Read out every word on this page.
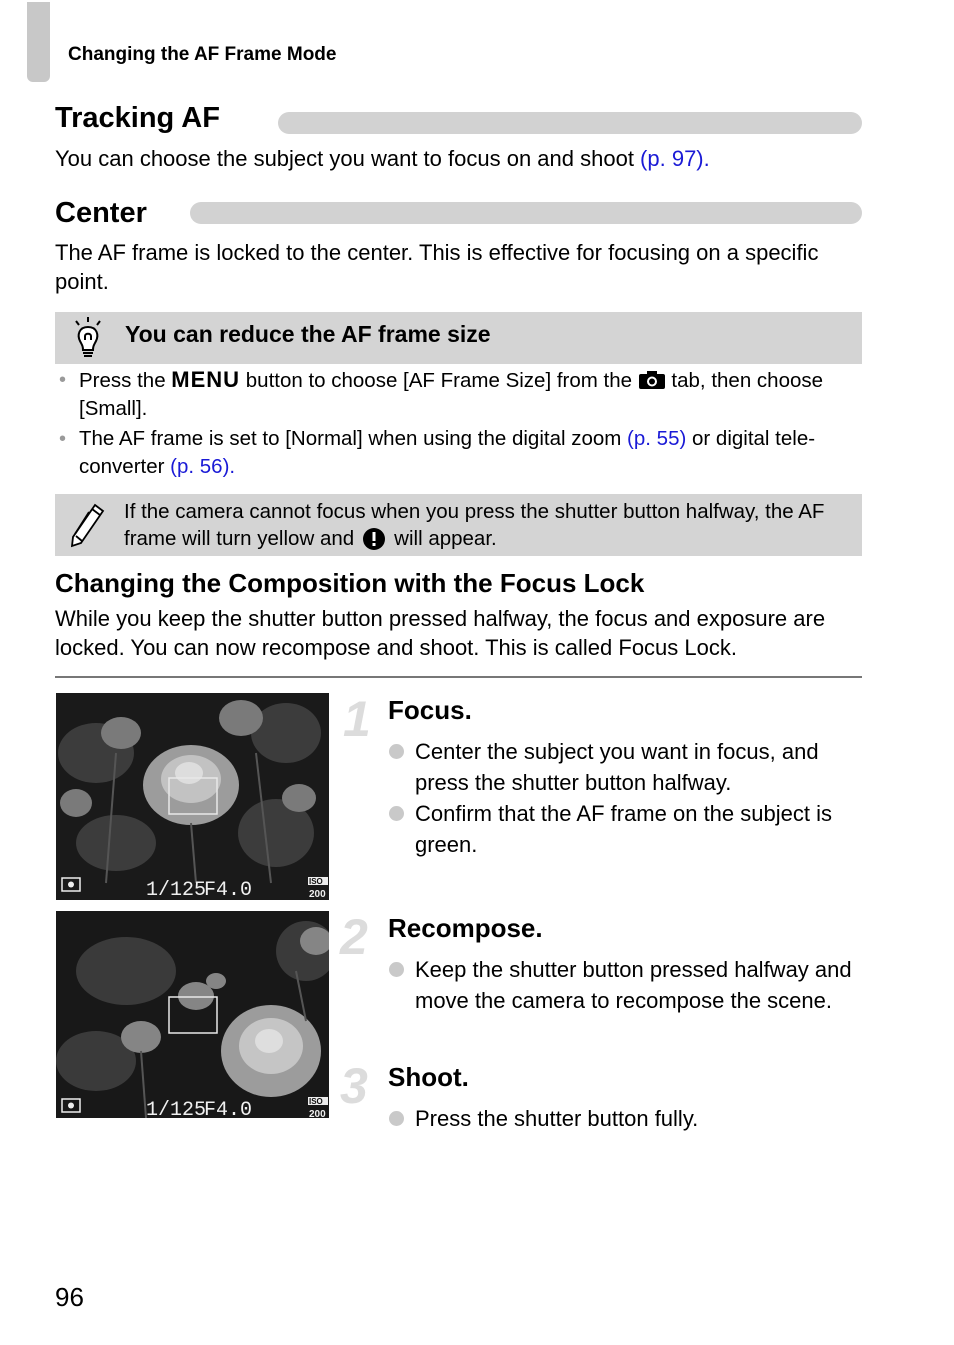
Changing the AF Frame Mode
Tracking AF
You can choose the subject you want to focus on and shoot (p. 97).
Center
The AF frame is locked to the center. This is effective for focusing on a specific point.
You can reduce the AF frame size
• Press the MENU button to choose [AF Frame Size] from the  tab, then choose [Small].
• The AF frame is set to [Normal] when using the digital zoom (p. 55) or digital tele-converter (p. 56).
If the camera cannot focus when you press the shutter button halfway, the AF frame will turn yellow and will appear.
Changing the Composition with the Focus Lock
While you keep the shutter button pressed halfway, the focus and exposure are locked. You can now recompose and shoot. This is called Focus Lock.
1/125
F4.0	ISO
200
1/125
F4.0	ISO
200
1 Focus.
Center the subject you want in focus, and press the shutter button halfway.
Confirm that the AF frame on the subject is green.
2 Recompose.
Keep the shutter button pressed halfway and move the camera to recompose the scene.
3 Shoot.
Press the shutter button fully.
96
